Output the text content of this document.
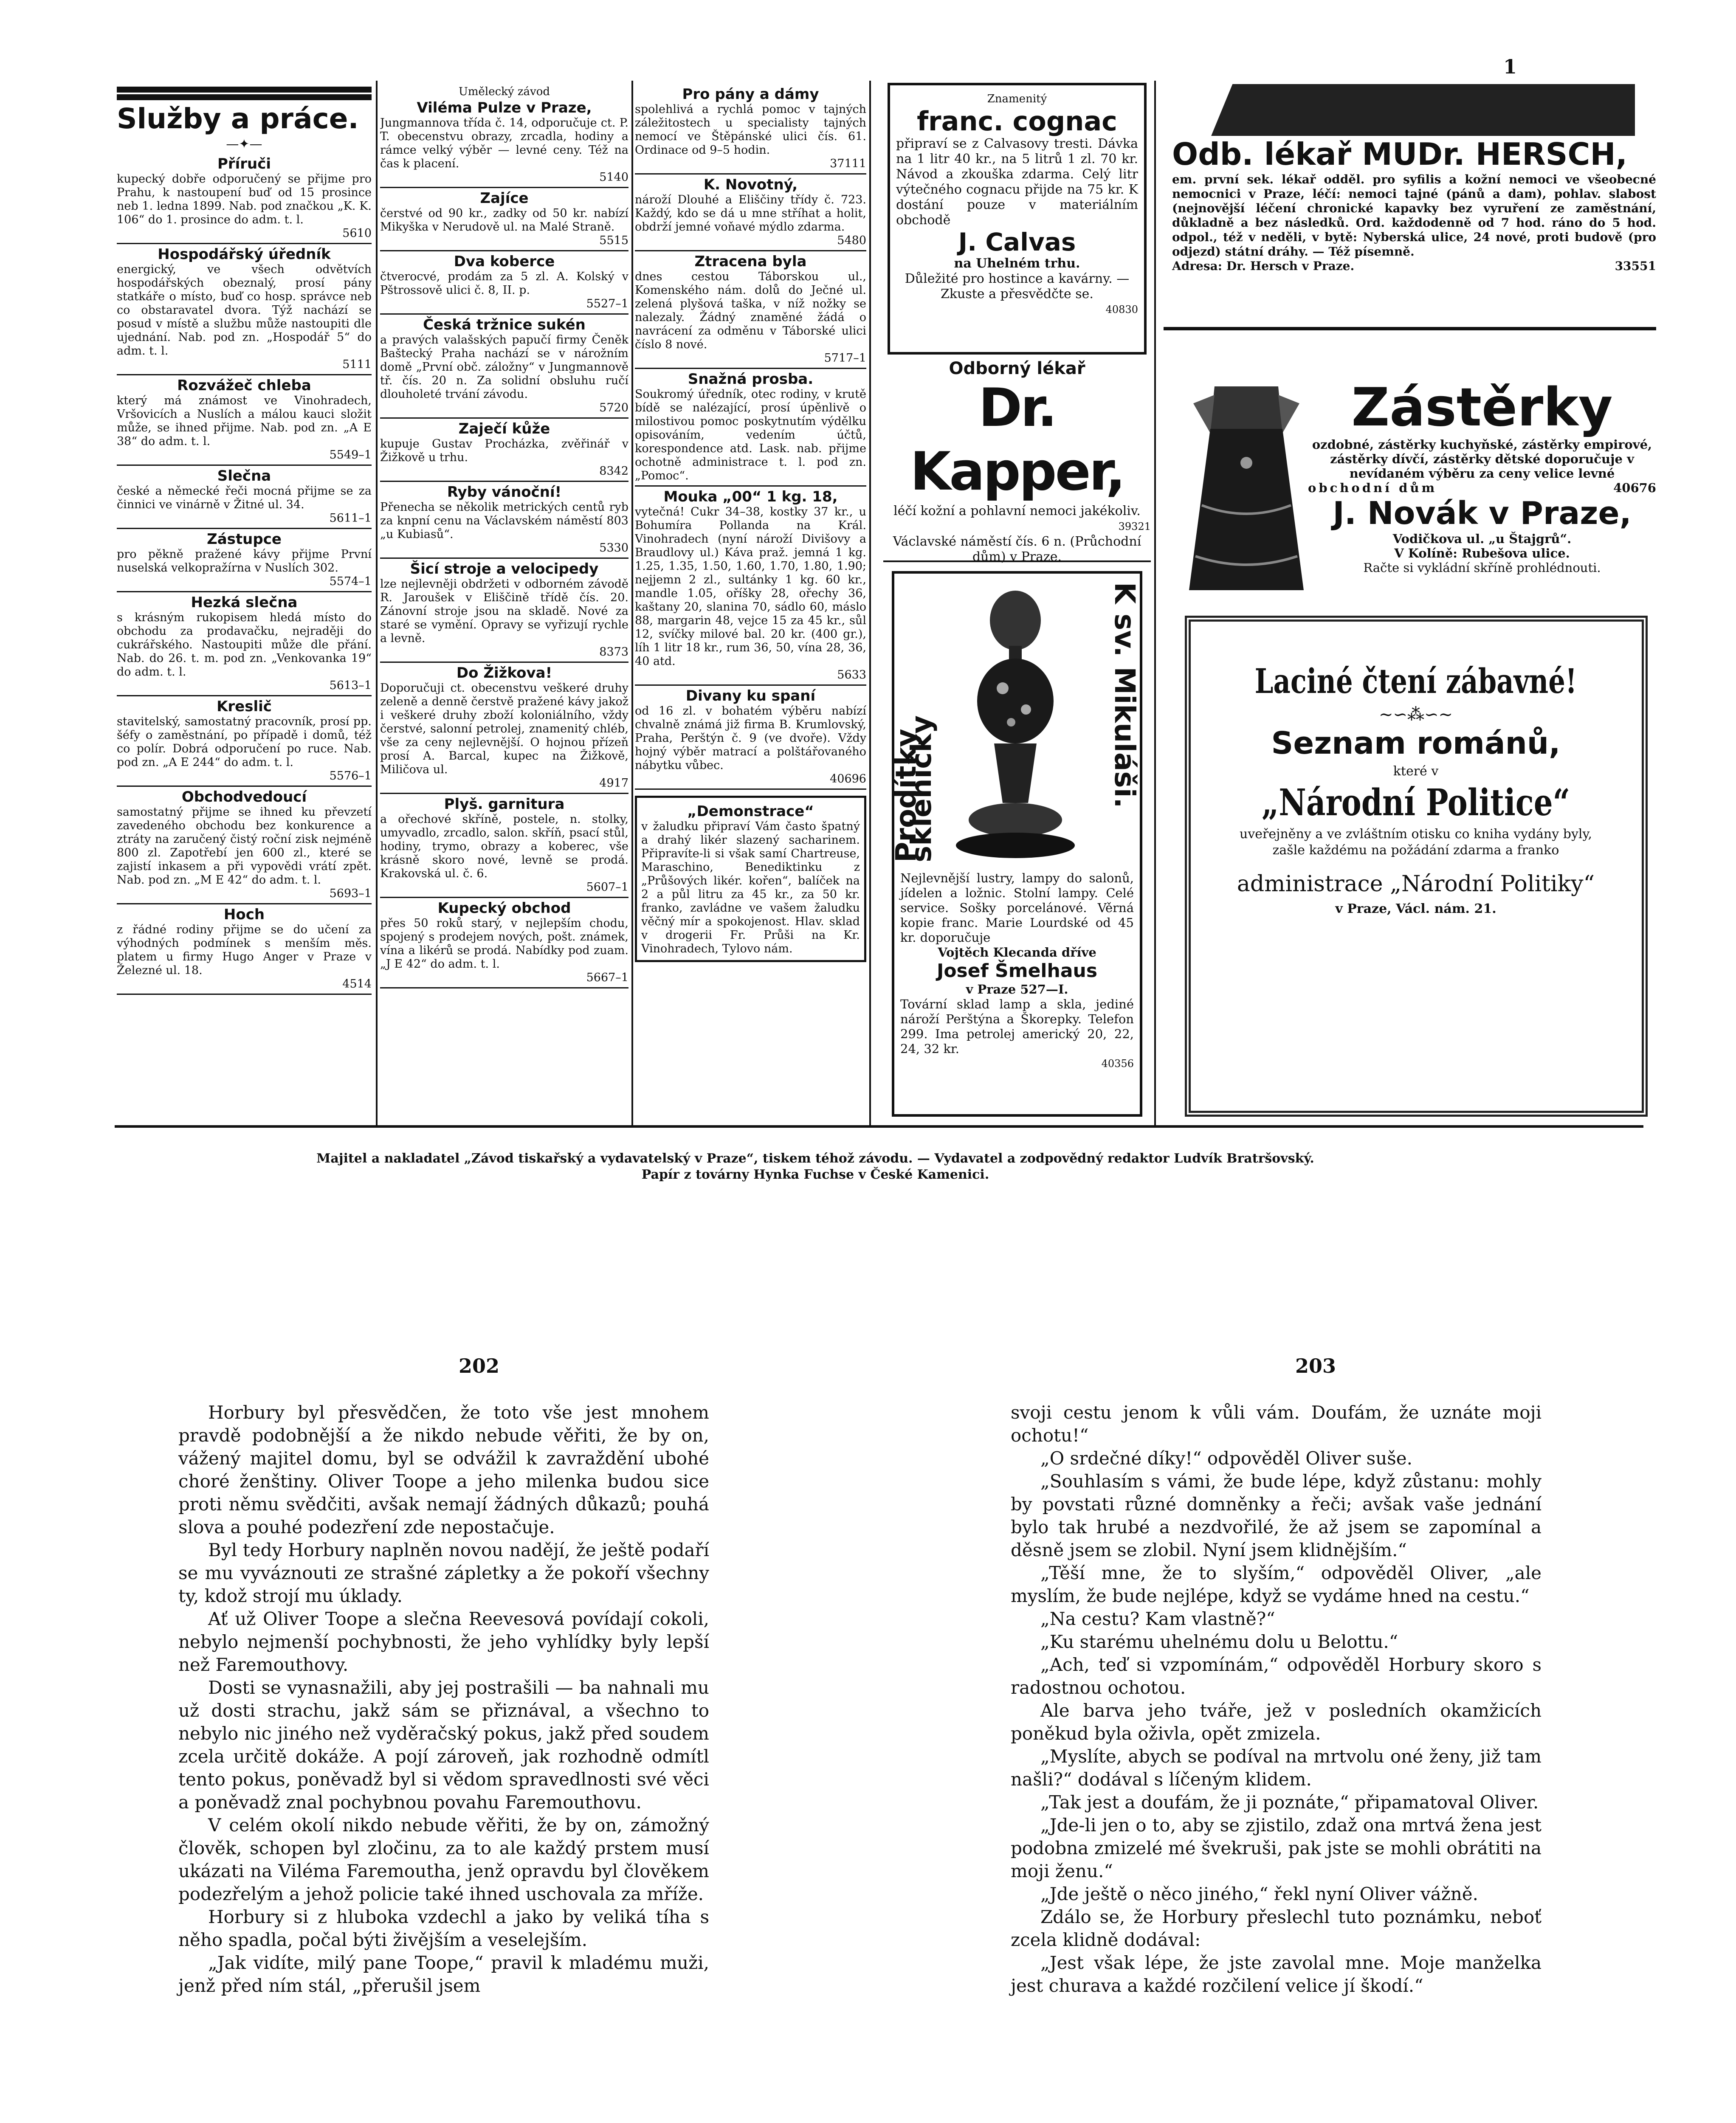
1

Služby a práce.

—✦—
Příruči

kupecký dobře odporučený se přijme pro Prahu, k nastoupení buď od 15 prosince neb 1. ledna 1899. Nab. pod značkou „K. K. 106“ do 1. prosince do adm. t. l.

5610

Hospodářský úředník

energický, ve všech odvětvích hospodářských obeznalý, prosí pány statkáře o místo, buď co hosp. správce neb co obstaravatel dvora. Týž nachází se posud v místě a službu může nastoupiti dle ujednání. Nab. pod zn. „Hospodář 5“ do adm. t. l.

5111

Rozvážeč chleba

který má známost ve Vinohradech, Vršovicích a Nuslích a málou kauci složit může, se ihned přijme. Nab. pod zn. „A E 38“ do adm. t. l.

5549–1

Slečna

české a německé řeči mocná přijme se za činnici ve vinárně v Žitné ul. 34.

5611–1

Zástupce

pro pěkně pražené kávy přijme První nuselská velkopražírna v Nuslích 302.

5574–1

Hezká slečna

s krásným rukopisem hledá místo do obchodu za prodavačku, nejraději do cukrářského. Nastoupiti může dle přání. Nab. do 26. t. m. pod zn. „Venkovanka 19“ do adm. t. l.

5613–1

Kreslič

stavitelský, samostatný pracovník, prosí pp. šéfy o zaměstnání, po případě i domů, též co polír. Dobrá odporučení po ruce. Nab. pod zn. „A E 244“ do adm. t. l.

5576–1

Obchodvedoucí

samostatný přijme se ihned ku převzetí zavedeného obchodu bez konkurence a ztráty na zaručený čistý roční zisk nejméně 800 zl. Zapotřebí jen 600 zl., které se zajistí inkasem a při vypovědi vrátí zpět. Nab. pod zn. „M E 42“ do adm. t. l.

5693–1

Hoch

z řádné rodiny přijme se do učení za výhodných podmínek s menším měs. platem u firmy Hugo Anger v Praze v Železné ul. 18.

4514

Umělecký závod

Viléma Pulze v Praze,

Jungmannova třída č. 14, odporučuje ct. P. T. obecenstvu obrazy, zrcadla, hodiny a rámce velký výběr — levné ceny. Též na čas k placení.

5140

Zajíce

čerstvé od 90 kr., zadky od 50 kr. nabízí Mikyška v Nerudově ul. na Malé Straně.

5515

Dva koberce

čtverocvé, prodám za 5 zl. A. Kolský v Pštrossově ulici č. 8, II. p.

5527–1

Česká tržnice sukén

a pravých valašských papučí firmy Čeněk Baštecký Praha nachází se v nárožním domě „První obč. záložny“ v Jungmannově tř. čís. 20 n. Za solidní obsluhu ručí dlouholeté trvání závodu.

5720

Zaječí kůže

kupuje Gustav Procházka, zvěřinář v Žižkově u trhu.

8342

Ryby vánoční!

Přenecha se několik metrických centů ryb za knpní cenu na Václavském náměstí 803 „u Kubiasů“.

5330

Šicí stroje a velocipedy

lze nejlevněji obdržeti v odborném závodě R. Jaroušek v Eliščině třídě čís. 20. Zánovní stroje jsou na skladě. Nové za staré se vymění. Opravy se vyřizují rychle a levně.

8373

Do Žižkova!

Doporučuji ct. obecenstvu veškeré druhy zeleně a denně čerstvě pražené kávy jakož i veškeré druhy zboží koloniálního, vždy čerstvé, salonní petrolej, znamenitý chléb, vše za ceny nejlevnější. O hojnou přízeň prosí A. Barcal, kupec na Žižkově, Miličova ul.

4917

Plyš. garnitura

a ořechové skříně, postele, n. stolky, umyvadlo, zrcadlo, salon. skříň, psací stůl, hodiny, trymo, obrazy a koberec, vše krásně skoro nové, levně se prodá. Krakovská ul. č. 6.

5607–1

Kupecký obchod

přes 50 roků starý, v nejlepším chodu, spojený s prodejem nových, pošt. známek, vína a likérů se prodá. Nabídky pod zuam. „J E 42“ do adm. t. l.

5667–1

Pro pány a dámy

spolehlivá a rychlá pomoc v tajných záležitostech u specialisty tajných nemocí ve Štěpánské ulici čís. 61. Ordinace od 9–5 hodin.

37111

K. Novotný,

nároží Dlouhé a Eliščiny třídy č. 723. Každý, kdo se dá u mne stříhat a holit, obdrží jemné voňavé mýdlo zdarma.

5480

Ztracena byla

dnes cestou Táborskou ul., Komenského nám. dolů do Ječné ul. zelená plyšová taška, v níž nožky se nalezaly. Žádný znaměné žádá o navrácení za odměnu v Táborské ulici číslo 8 nové.

5717–1

Snažná prosba.

Soukromý úředník, otec rodiny, v krutě bídě se nalézající, prosí úpěnlivě o milostivou pomoc poskytnutím výdělku opisováním, vedením účtů, korespondence atd. Lask. nab. přijme ochotně administrace t. l. pod zn. „Pomoc“.

Mouka „00“ 1 kg. 18,

vytečná! Cukr 34–38, kostky 37 kr., u Bohumíra Pollanda na Král. Vinohradech (nyní nároží Divišovy a Braudlovy ul.) Káva praž. jemná 1 kg. 1.25, 1.35, 1.50, 1.60, 1.70, 1.80, 1.90; nejjemn 2 zl., sultánky 1 kg. 60 kr., mandle 1.05, oříšky 28, ořechy 36, kaštany 20, slanina 70, sádlo 60, máslo 88, margarin 48, vejce 15 za 45 kr., sůl 12, svíčky milové bal. 20 kr. (400 gr.), líh 1 litr 18 kr., rum 36, 50, vína 28, 36, 40 atd.

5633

Divany ku spaní

od 16 zl. v bohatém výběru nabízí chvalně známá již firma B. Krumlovský, Praha, Perštýn č. 9 (ve dvoře). Vždy hojný výběr matrací a polštářovaného nábytku vůbec.

40696

„Demonstrace“

v žaludku připraví Vám často špatný a drahý likér slazený sacharinem. Připravíte-li si však samí Chartreuse, Maraschino, Benediktinku z „Průšových likér. kořen“, balíček na 2 a půl litru za 45 kr., za 50 kr. franko, zavládne ve vašem žaludku věčný mír a spokojenost. Hlav. sklad v drogerii Fr. Průši na Kr. Vinohradech, Tylovo nám.

Znamenitý
franc. cognac
připraví se z Calvasovy tresti. Dávka na 1 litr 40 kr., na 5 litrů 1 zl. 70 kr. Návod a zkouška zdarma. Celý litr výtečného cognacu přijde na 75 kr. K dostání pouze v materiálním obchodě
J. Calvas
na Uhelném trhu.
Důležité pro hostince a kavárny. — Zkuste a přesvědčte se.
40830
Odborný lékař
Dr. Kapper,
léčí kožní a pohlavní nemoci jakékoliv.
39321
Václavské náměstí čís. 6 n. (Průchodní dům) v Praze.
Prodítky skleničky	K sv. Mikuláši.
Nejlevnější lustry, lampy do salonů, jídelen a ložnic. Stolní lampy. Celé service. Sošky porcelánové. Věrná kopie franc. Marie Lourdské od 45 kr. doporučuje
Vojtěch Klecanda dříve
Josef Šmelhaus
v Praze 527—I.
Tovární sklad lamp a skla, jediné nároží Perštýna a Škorepky. Telefon 299. Ima petrolej americký 20, 22, 24, 32 kr.
40356
Odb. lékař MUDr. HERSCH,
em. první sek. lékař odděl. pro syfilis a kožní nemoci ve všeobecné nemocnici v Praze, léčí: nemoci tajné (pánů a dam), pohlav. slabost (nejnovější léčení chronické kapavky bez vyruření ze zaměstnání, důkladně a bez následků. Ord. každodenně od 7 hod. ráno do 5 hod. odpol., též v neděli, v bytě: Nyberská ulice, 24 nové, proti budově (pro odjezd) státní dráhy. — Též písemně.
Adresa: Dr. Hersch v Praze.	33551
Zástěrky
ozdobné, zástěrky kuchyňské, zástěrky empirové, zástěrky dívčí, zástěrky dětské doporučuje v nevídaném výběru za ceny velice levné
obchodní dům	40676
J. Novák v Praze,
Vodičkova ul. „u Štajgrů“.
V Kolíně: Rubešova ulice.
Račte si vykládní skříně prohlédnouti.
Laciné čtení zábavné!
∼∽⁂∽∼
Seznam románů,
které v
„Národní Politice“
uveřejněny a ve zvláštním otisku co kniha vydány byly, zašle každému na požádání zdarma a franko
administrace „Národní Politiky“
v Praze, Václ. nám. 21.
Majitel a nakladatel „Závod tiskařský a vydavatelský v Praze“, tiskem téhož závodu. — Vydavatel a zodpovědný redaktor Ludvík Bratršovský.
Papír z továrny Hynka Fuchse v České Kamenici.
202	203

Horbury byl přesvědčen, že toto vše jest mnohem pravdě podobnější a že nikdo nebude věřiti, že by on, vážený majitel domu, byl se odvážil k zavraždění ubohé choré ženštiny. Oliver Toope a jeho milenka budou sice proti němu svědčiti, avšak nemají žádných důkazů; pouhá slova a pouhé podezření zde nepostačuje.

Byl tedy Horbury naplněn novou nadějí, že ještě podaří se mu vyváznouti ze strašné zápletky a že pokoří všechny ty, kdož strojí mu úklady.

Ať už Oliver Toope a slečna Reevesová povídají cokoli, nebylo nejmenší pochybnosti, že jeho vyhlídky byly lepší než Faremouthovy.

Dosti se vynasnažili, aby jej postrašili — ba nahnali mu už dosti strachu, jakž sám se přiznával, a všechno to nebylo nic jiného než vyděračský pokus, jakž před soudem zcela určitě dokáže. A pojí zároveň, jak rozhodně odmítl tento pokus, poněvadž byl si vědom spravedlnosti své věci a poněvadž znal pochybnou povahu Faremouthovu.

V celém okolí nikdo nebude věřiti, že by on, zámožný člověk, schopen byl zločinu, za to ale každý prstem musí ukázati na Viléma Faremoutha, jenž opravdu byl člověkem podezřelým a jehož policie také ihned uschovala za mříže.

Horbury si z hluboka vzdechl a jako by veliká tíha s něho spadla, počal býti živějším a veselejším.

„Jak vidíte, milý pane Toope,“ pravil k mladému muži, jenž před ním stál, „přerušil jsem

svoji cestu jenom k vůli vám. Doufám, že uznáte moji ochotu!“

„O srdečné díky!“ odpověděl Oliver suše.

„Souhlasím s vámi, že bude lépe, když zůstanu: mohly by povstati různé domněnky a řeči; avšak vaše jednání bylo tak hrubé a nezdvořilé, že až jsem se zapomínal a děsně jsem se zlobil. Nyní jsem klidnějším.“

„Těší mne, že to slyším,“ odpověděl Oliver, „ale myslím, že bude nejlépe, když se vydáme hned na cestu.“

„Na cestu? Kam vlastně?“

„Ku starému uhelnému dolu u Belottu.“

„Ach, teď si vzpomínám,“ odpověděl Horbury skoro s radostnou ochotou.

Ale barva jeho tváře, jež v posledních okamžicích poněkud byla oživla, opět zmizela.

„Myslíte, abych se podíval na mrtvolu oné ženy, již tam našli?“ dodával s líčeným klidem.

„Tak jest a doufám, že ji poznáte,“ připamatoval Oliver.

„Jde-li jen o to, aby se zjistilo, zdaž ona mrtvá žena jest podobna zmizelé mé švekruši, pak jste se mohli obrátiti na moji ženu.“

„Jde ještě o něco jiného,“ řekl nyní Oliver vážně.

Zdálo se, že Horbury přeslechl tuto poznámku, neboť zcela klidně dodával:

„Jest však lépe, že jste zavolal mne. Moje manželka jest churava a každé rozčilení velice jí škodí.“
